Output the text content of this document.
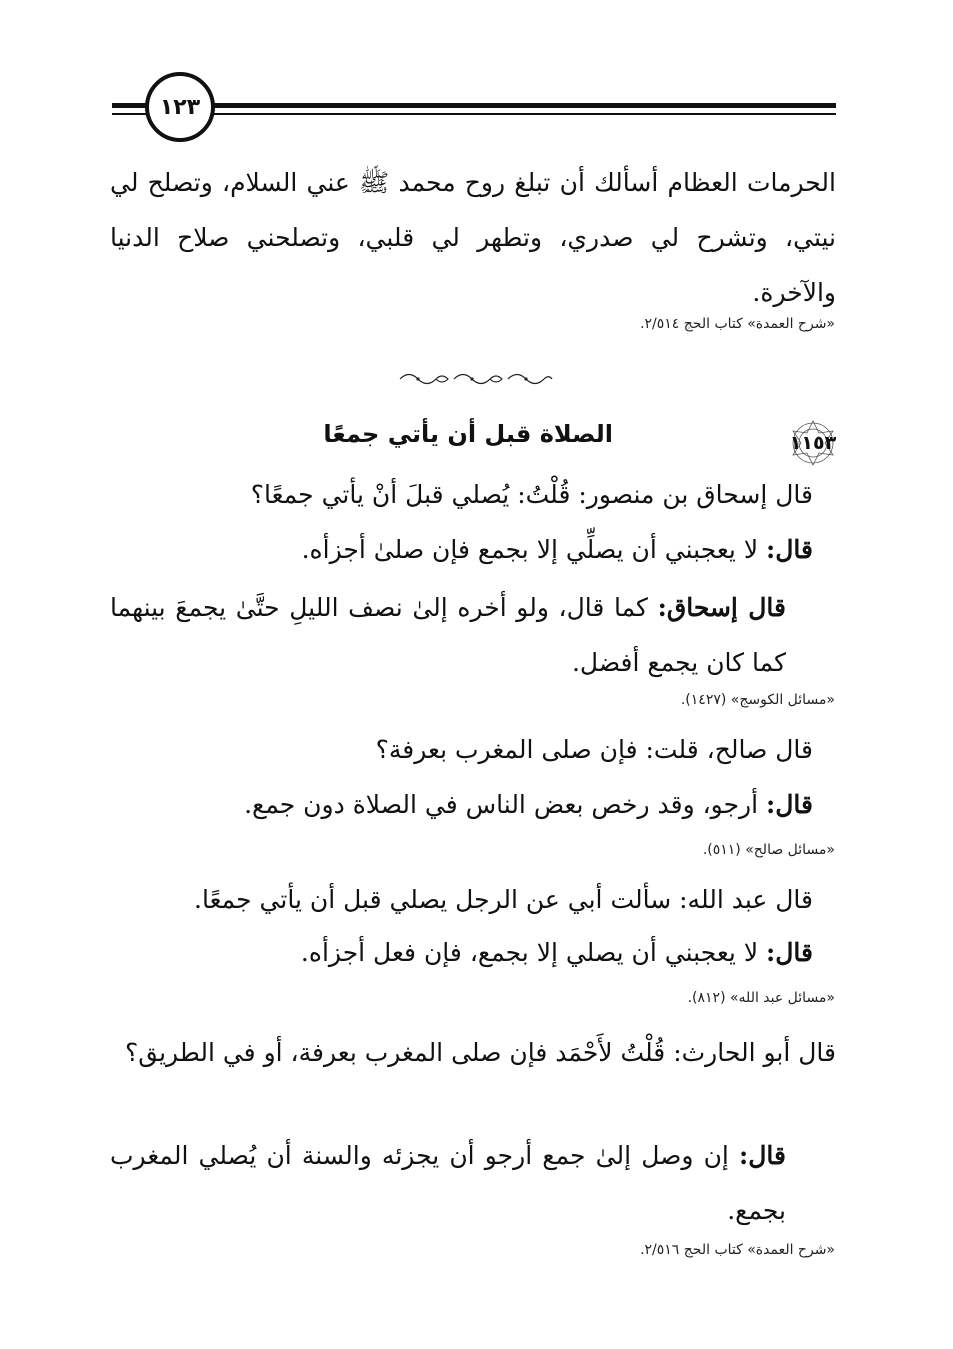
١٢٣
الحرمات العظام أسألك أن تبلغ روح محمد ﷺ عني السلام، وتصلح لي نيتي، وتشرح لي صدري، وتطهر لي قلبي، وتصلحني صلاح الدنيا والآخرة.
«شرح العمدة» كتاب الحج ٢/٥١٤.
١١٥٣
الصلاة قبل أن يأتي جمعًا
قال إسحاق بن منصور: قُلْتُ: يُصلي قبلَ أنْ يأتي جمعًا؟
قال: لا يعجبني أن يصلِّي إلا بجمع فإن صلىٰ أجزأه.
قال إسحاق: كما قال، ولو أخره إلىٰ نصف الليلِ حتَّىٰ يجمعَ بينهما كما كان يجمع أفضل.
«مسائل الكوسج» (١٤٢٧).
قال صالح، قلت: فإن صلى المغرب بعرفة؟
قال: أرجو، وقد رخص بعض الناس في الصلاة دون جمع.
«مسائل صالح» (٥١١).
قال عبد الله: سألت أبي عن الرجل يصلي قبل أن يأتي جمعًا.
قال: لا يعجبني أن يصلي إلا بجمع، فإن فعل أجزأه.
«مسائل عبد الله» (٨١٢).
قال أبو الحارث: قُلْتُ لأَحْمَد فإن صلى المغرب بعرفة، أو في الطريق؟
قال: إن وصل إلىٰ جمع أرجو أن يجزئه والسنة أن يُصلي المغرب بجمع.
«شرح العمدة» كتاب الحج ٢/٥١٦.
